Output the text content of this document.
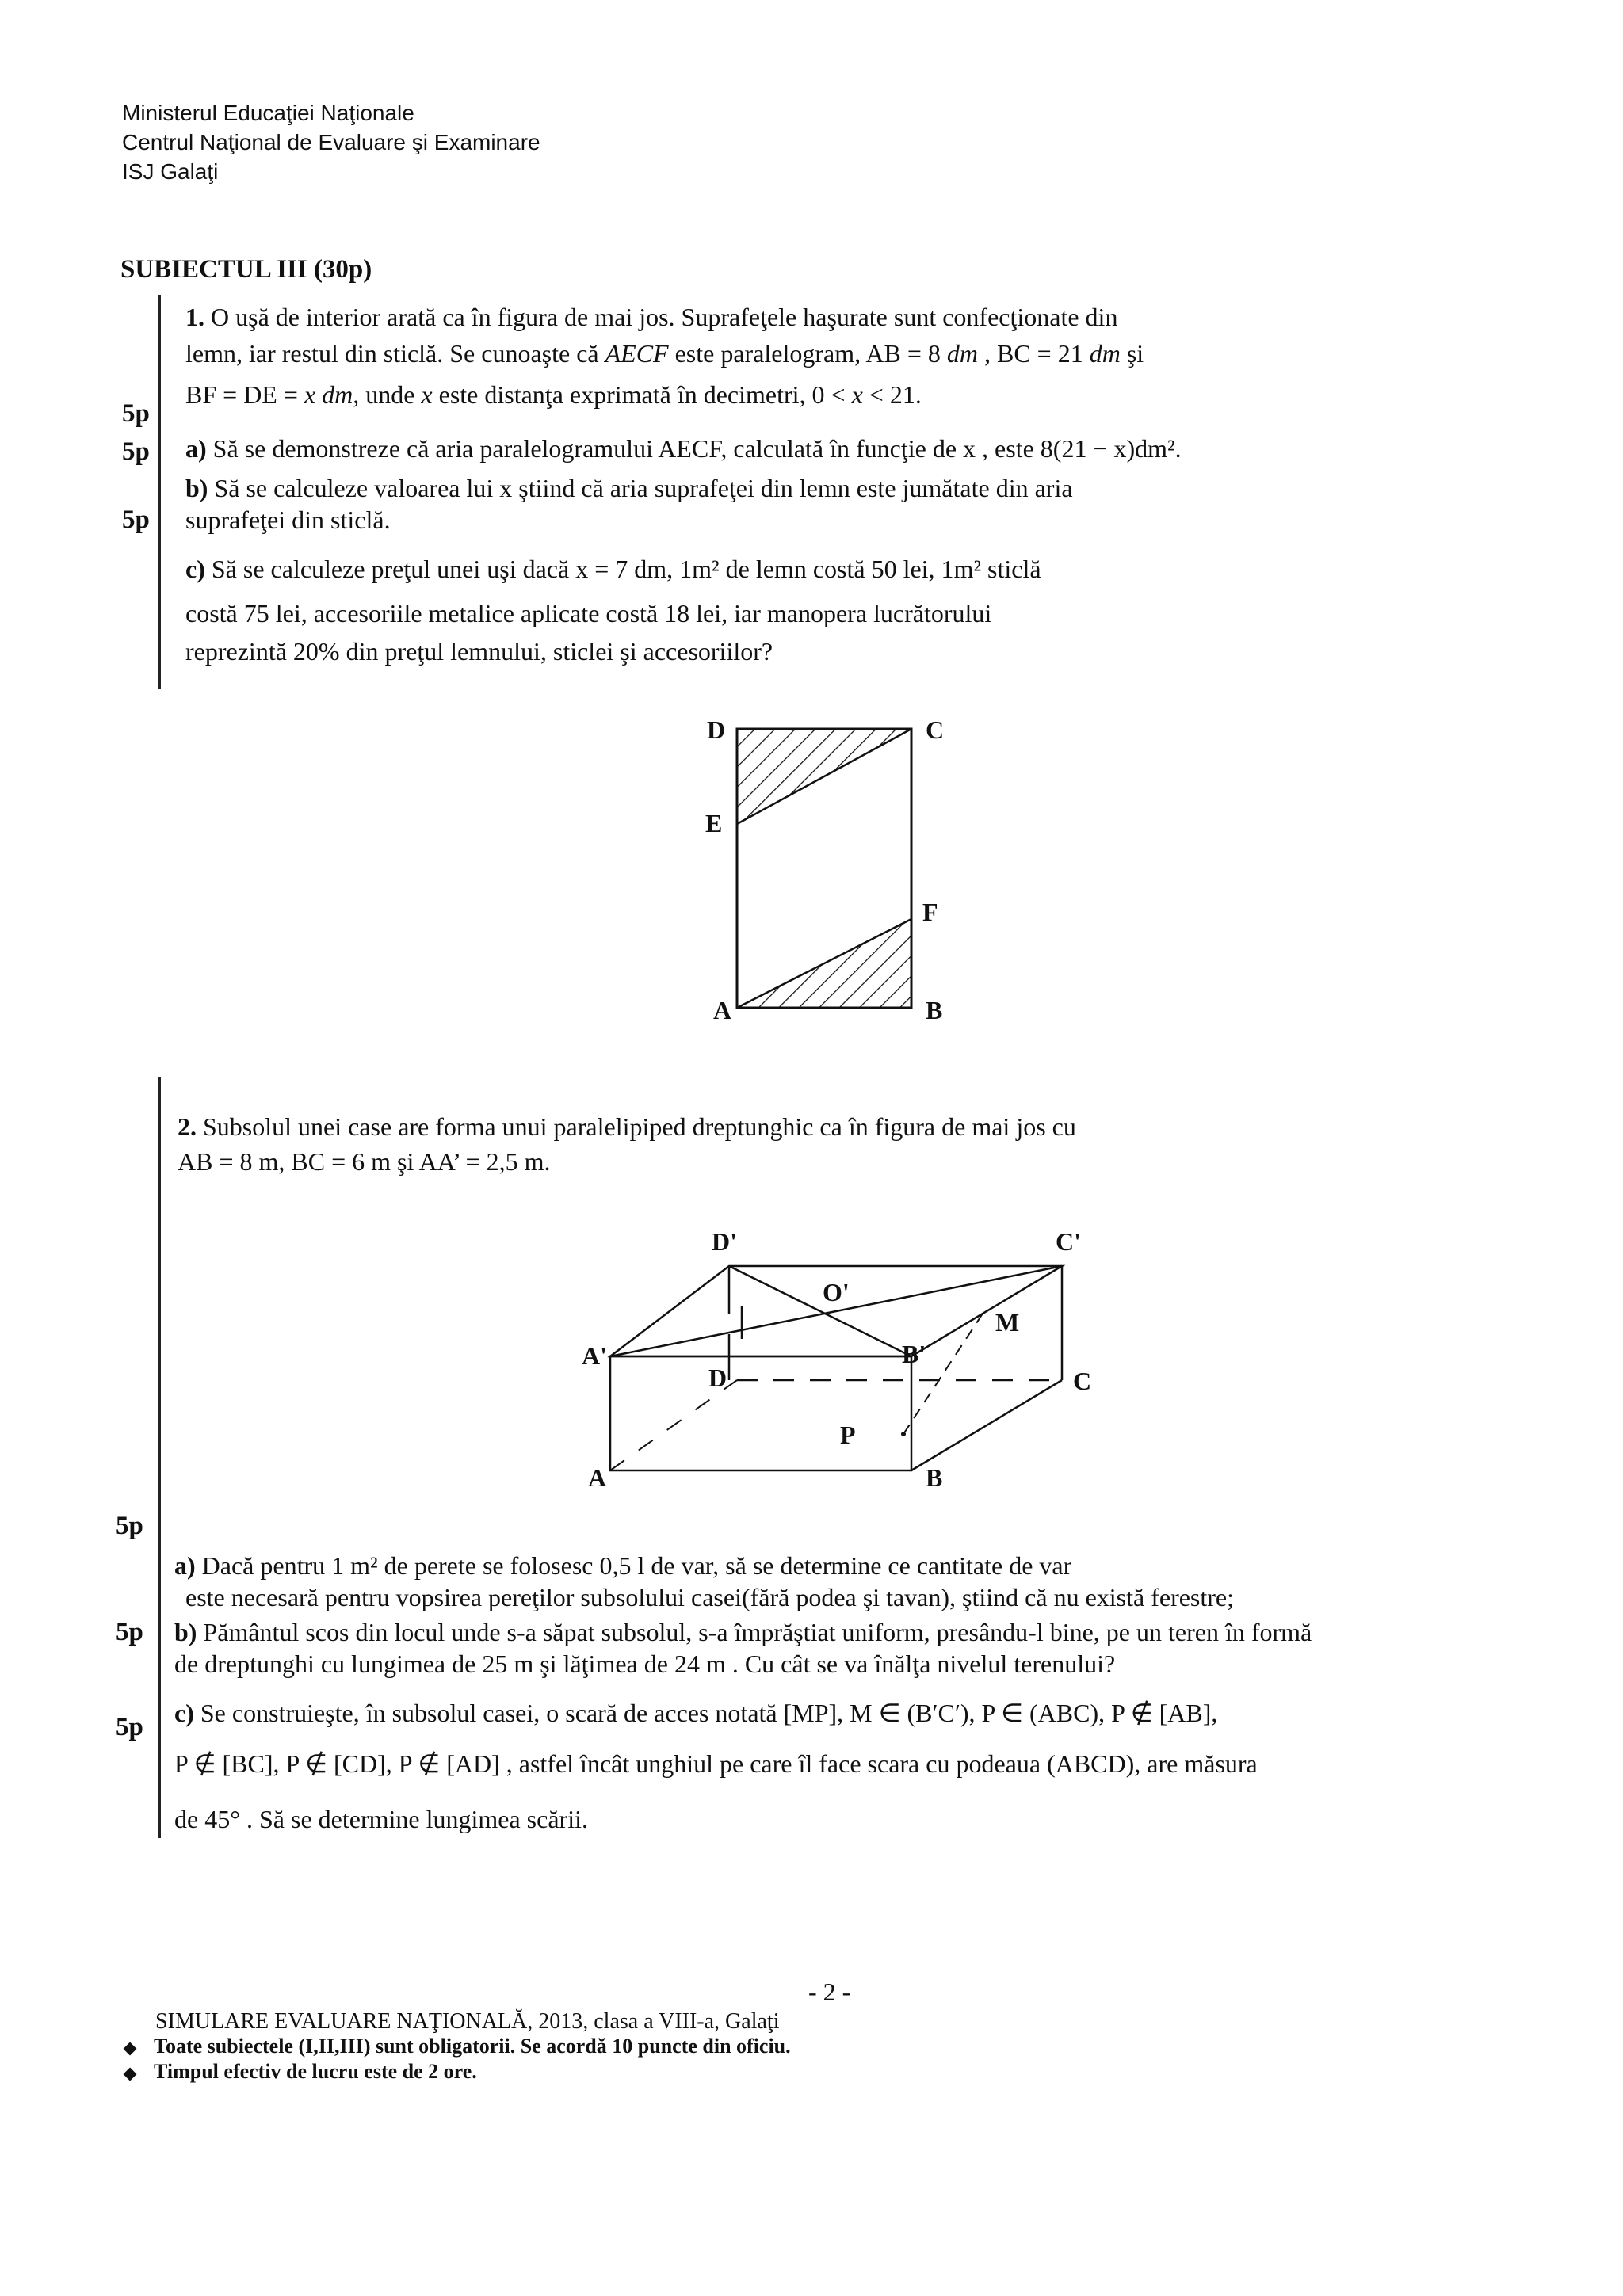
Ministerul Educaţiei Naţionale
Centrul Naţional de Evaluare şi Examinare
ISJ Galaţi
SUBIECTUL III (30p)
5p
5p
5p
5p
5p
5p
1. O uşă de interior arată ca în figura de mai jos. Suprafeţele haşurate sunt confecţionate din
lemn, iar restul din sticlă. Se cunoaşte că AECF este paralelogram, AB = 8 dm , BC = 21 dm şi
BF = DE = x dm, unde x este distanţa exprimată în decimetri, 0 < x < 21.
a) Să se demonstreze că aria paralelogramului AECF, calculată în funcţie de x , este 8(21 − x)dm².
b) Să se calculeze valoarea lui x ştiind că aria suprafeţei din lemn este jumătate din aria
suprafeţei din sticlă.
c) Să se calculeze preţul unei uşi dacă x = 7 dm, 1m² de lemn costă 50 lei, 1m² sticlă
costă 75 lei, accesoriile metalice aplicate costă 18 lei, iar manopera lucrătorului
reprezintă 20% din preţul lemnului, sticlei şi accesoriilor?
D	C
E
F
A	B
2. Subsolul unei case are forma unui paralelipiped dreptunghic ca în figura de mai jos cu
AB = 8 m, BC = 6 m şi AA’ = 2,5 m.
D'	C'
O'
A'	B'
M
D	C
P
A	B
a) Dacă pentru 1 m² de perete se folosesc 0,5 l de var, să se determine ce cantitate de var
este necesară pentru vopsirea pereţilor subsolului casei(fără podea şi tavan), ştiind că nu există ferestre;
b) Pământul scos din locul unde s-a săpat subsolul, s-a împrăştiat uniform, presându-l bine, pe un teren în formă
de dreptunghi cu lungimea de 25 m şi lăţimea de 24 m . Cu cât se va înălţa nivelul terenului?
c) Se construieşte, în subsolul casei, o scară de acces notată [MP], M ∈ (B′C′), P ∈ (ABC), P ∉ [AB],
P ∉ [BC], P ∉ [CD], P ∉ [AD] , astfel încât unghiul pe care îl face scara cu podeaua (ABCD), are măsura
de 45° . Să se determine lungimea scării.
- 2 -
SIMULARE EVALUARE NAŢIONALĂ, 2013, clasa a VIII-a, Galaţi
Toate subiectele (I,II,III) sunt obligatorii. Se acordă 10 puncte din oficiu.
Timpul efectiv de lucru este de 2 ore.
